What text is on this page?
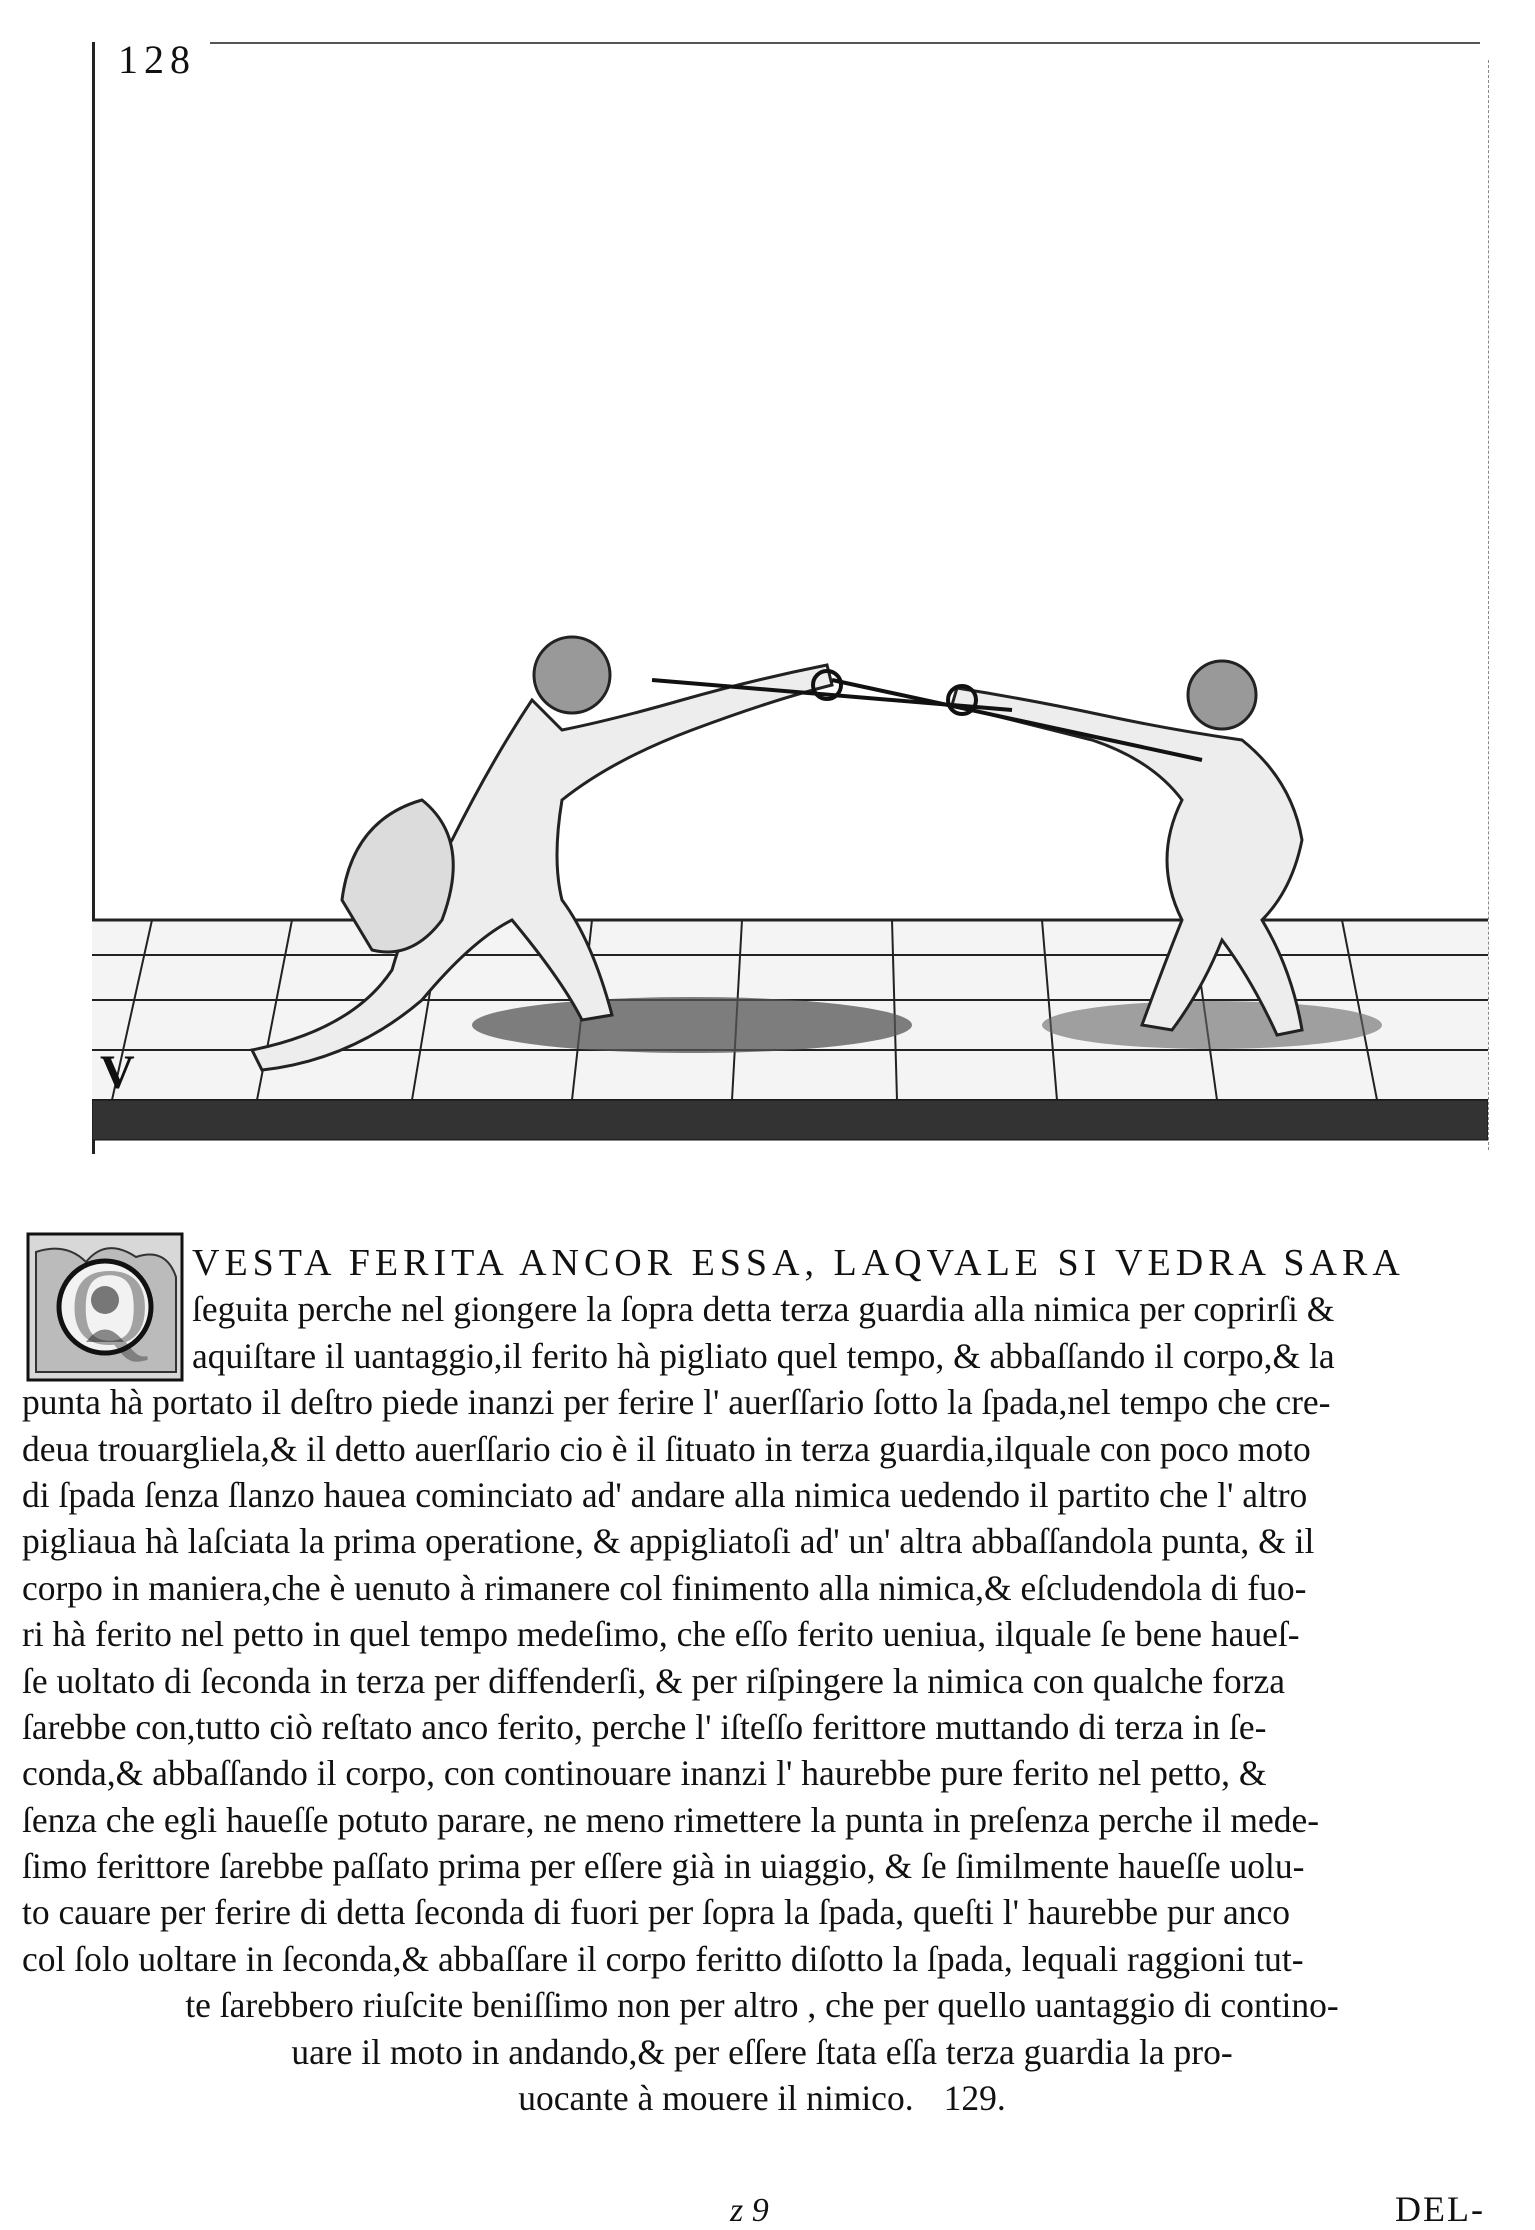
128
V
Q	VESTA FERITA ANCOR ESSA, LAQVALE SI VEDRA SARA
ſeguita perche nel giongere la ſopra detta terza guardia alla nimica per coprirſi &
aquiſtare il uantaggio,il ferito hà pigliato quel tempo, & abbaſſando il corpo,& la
punta hà portato il deſtro piede inanzi per ferire l' auerſſario ſotto la ſpada,nel tempo che cre-
deua trouargliela,& il detto auerſſario cio è il ſituato in terza guardia,ilquale con poco moto
di ſpada ſenza ſlanzo hauea cominciato ad' andare alla nimica uedendo il partito che l' altro
pigliaua hà laſciata la prima operatione, & appigliatoſi ad' un' altra abbaſſandola punta, & il
corpo in maniera,che è uenuto à rimanere col finimento alla nimica,& eſcludendola di fuo-
ri hà ferito nel petto in quel tempo medeſimo, che eſſo ferito ueniua, ilquale ſe bene haueſ-
ſe uoltato di ſeconda in terza per diffenderſi, & per riſpingere la nimica con qualche forza
ſarebbe con,tutto ciò reſtato anco ferito, perche l' iſteſſo ferittore muttando di terza in ſe-
conda,& abbaſſando il corpo, con continouare inanzi l' haurebbe pure ferito nel petto, &
ſenza che egli haueſſe potuto parare, ne meno rimettere la punta in preſenza perche il mede-
ſimo ferittore ſarebbe paſſato prima per eſſere già in uiaggio, & ſe ſimilmente haueſſe uolu-
to cauare per ferire di detta ſeconda di fuori per ſopra la ſpada, queſti l' haurebbe pur anco
col ſolo uoltare in ſeconda,& abbaſſare il corpo feritto diſotto la ſpada, lequali raggioni tut-
te ſarebbero riuſcite beniſſimo non per altro , che per quello uantaggio di contino-
uare il moto in andando,& per eſſere ſtata eſſa terza guardia la pro-
uocante à mouere il nimico. 129.
z 9	DEL-
